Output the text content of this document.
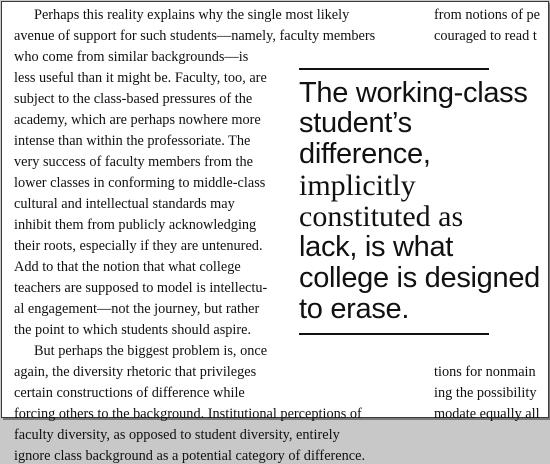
Perhaps this reality explains why the single most likely
avenue of support for such students—namely, faculty members
who come from similar backgrounds—is
less useful than it might be. Faculty, too, are
subject to the class-based pressures of the
academy, which are perhaps nowhere more
intense than within the professoriate. The
very success of faculty members from the
lower classes in conforming to middle-class
cultural and intellectual standards may
inhibit them from publicly acknowledging
their roots, especially if they are untenured.
Add to that the notion that what college
teachers are supposed to model is intellectu-
al engagement—not the journey, but rather
the point to which students should aspire.
But perhaps the biggest problem is, once
again, the diversity rhetoric that privileges
certain constructions of difference while
forcing others to the background. Institutional perceptions of
faculty diversity, as opposed to student diversity, entirely
ignore class background as a potential category of difference.
from notions of pe
couraged to read t
tions for nonmain
ing the possibility
modate equally all
The working-class
student’s
difference,
implicitly
constituted as
lack, is what
college is designed
to erase.
